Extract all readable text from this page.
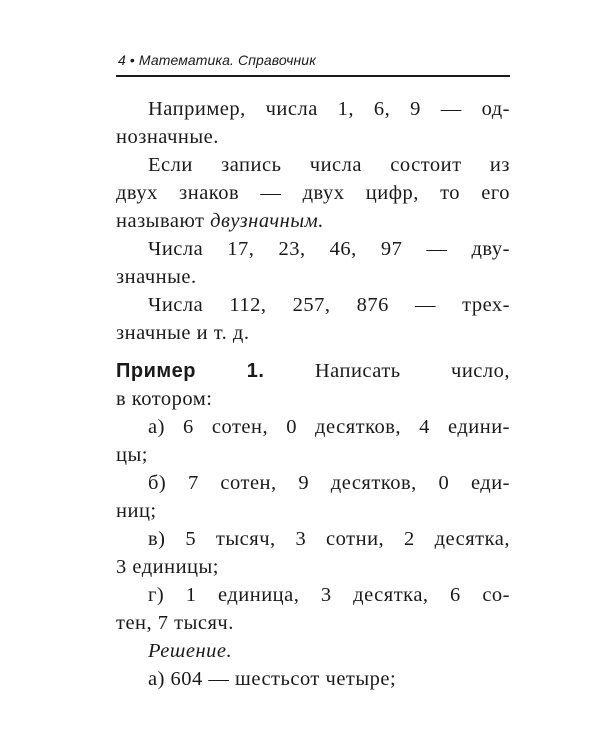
4 • Математика. Справочник
Например, числа 1, 6, 9 — од-
нозначные.
Если запись числа состоит из
двух знаков — двух цифр, то его
называют двузначным.
Числа 17, 23, 46, 97 — дву-
значные.
Числа 112, 257, 876 — трех-
значные и т. д.
Пример 1. Написать число,
в котором:
а) 6 сотен, 0 десятков, 4 едини-
цы;
б) 7 сотен, 9 десятков, 0 еди-
ниц;
в) 5 тысяч, 3 сотни, 2 десятка,
3 единицы;
г) 1 единица, 3 десятка, 6 со-
тен, 7 тысяч.
Решение.
а) 604 — шестьсот четыре;
